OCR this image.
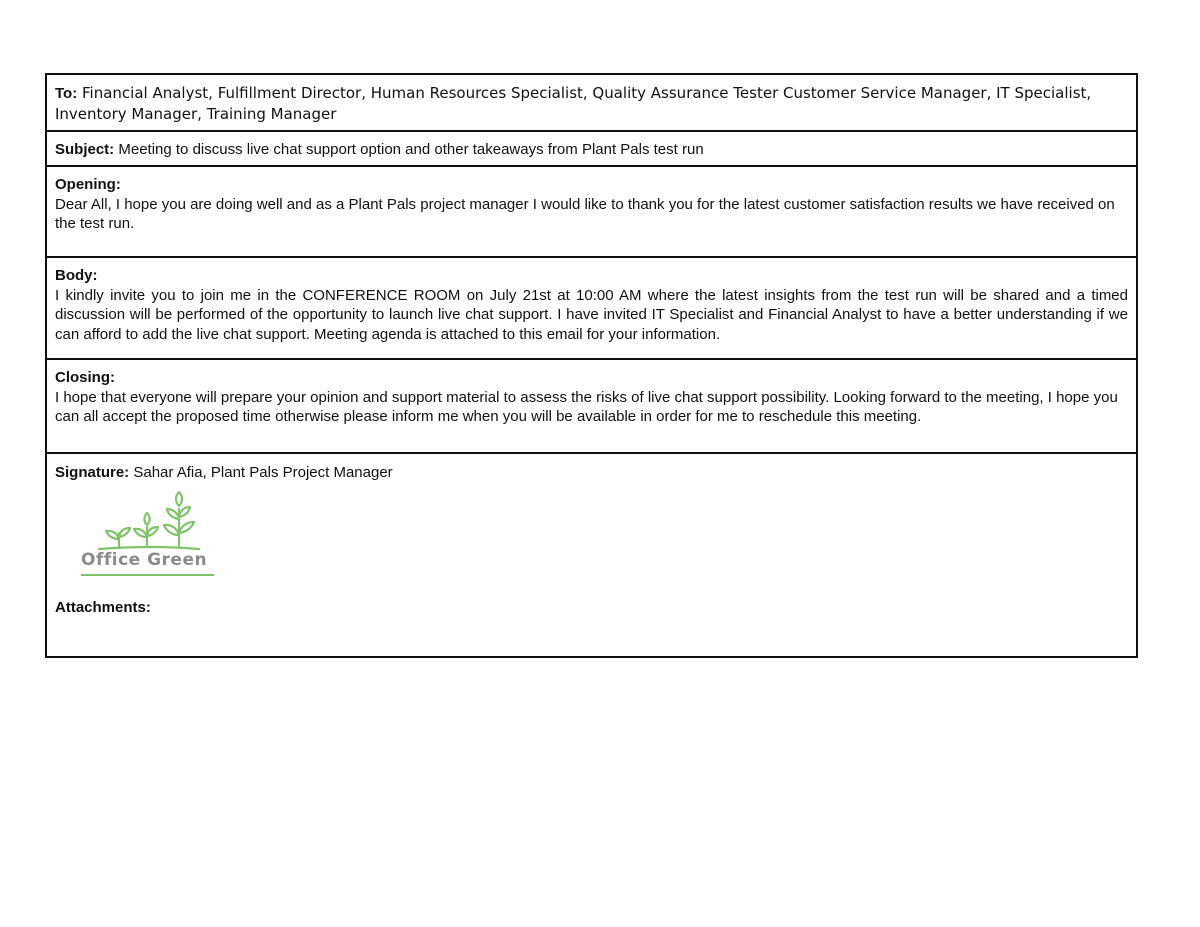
To: Financial Analyst, Fulfillment Director, Human Resources Specialist, Quality Assurance Tester Customer Service Manager, IT Specialist, Inventory Manager, Training Manager
Subject: Meeting to discuss live chat support option and other takeaways from Plant Pals test run
Opening:
Dear All, I hope you are doing well and as a Plant Pals project manager I would like to thank you for the latest customer satisfaction results we have received on the test run.
Body:
I kindly invite you to join me in the CONFERENCE ROOM on July 21st at 10:00 AM where the latest insights from the test run will be shared and a timed discussion will be performed of the opportunity to launch live chat support. I have invited IT Specialist and Financial Analyst to have a better understanding if we can afford to add the live chat support. Meeting agenda is attached to this email for your information.
Closing:
I hope that everyone will prepare your opinion and support material to assess the risks of live chat support possibility. Looking forward to the meeting, I hope you can all accept the proposed time otherwise please inform me when you will be available in order for me to reschedule this meeting.
Signature: Sahar Afia, Plant Pals Project Manager
Office Green
Attachments:
